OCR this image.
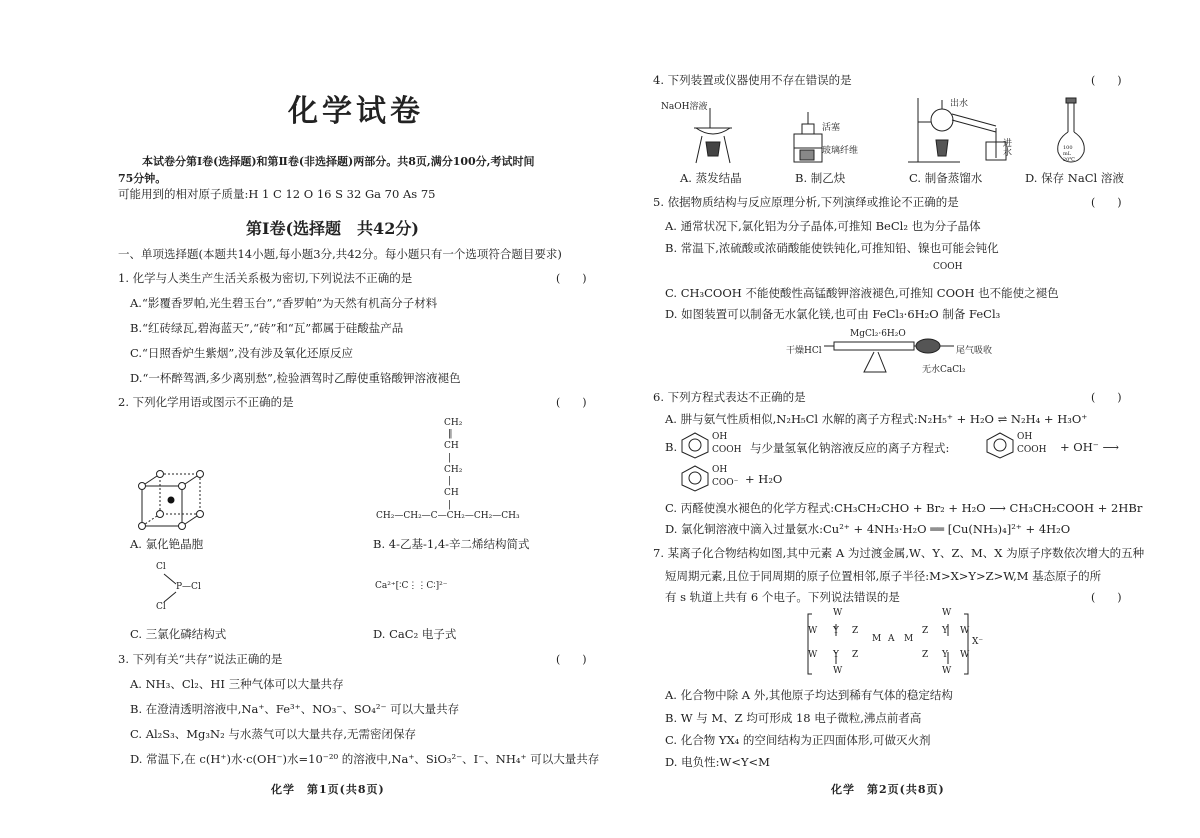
化学试卷
本试卷分第Ⅰ卷(选择题)和第Ⅱ卷(非选择题)两部分。共8页,满分100分,考试时间
75分钟。
可能用到的相对原子质量:H 1 C 12 O 16 S 32 Ga 70 As 75
第Ⅰ卷(选择题　共42分)
一、单项选择题(本题共14小题,每小题3分,共42分。每小题只有一个选项符合题目要求)
1. 化学与人类生产生活关系极为密切,下列说法不正确的是	(　　)
A.“影覆香罗帕,光生碧玉台”,“香罗帕”为天然有机高分子材料
B.“红砖绿瓦,碧海蓝天”,“砖”和“瓦”都属于硅酸盐产品
C.“日照香炉生紫烟”,没有涉及氧化还原反应
D.“一杯醉驾酒,多少离别愁”,检验酒驾时乙醇使重铬酸钾溶液褪色
2. 下列化学用语或图示不正确的是	(　　)
CH₂
‖
CH
|
CH₂
|
CH
CH₂—CH₂—C—CH₂—CH₂—CH₃
|
A. 氯化铯晶胞	B. 4-乙基-1,4-辛二烯结构简式
Cl
P—Cl
Cl
Ca²⁺[∶C⋮⋮C∶]²⁻
C. 三氯化磷结构式	D. CaC₂ 电子式
3. 下列有关“共存”说法正确的是	(　　)
A. NH₃、Cl₂、HI 三种气体可以大量共存
B. 在澄清透明溶液中,Na⁺、Fe³⁺、NO₃⁻、SO₄²⁻ 可以大量共存
C. Al₂S₃、Mg₃N₂ 与水蒸气可以大量共存,无需密闭保存
D. 常温下,在 c(H⁺)水·c(OH⁻)水=10⁻²⁰ 的溶液中,Na⁺、SiO₃²⁻、I⁻、NH₄⁺ 可以大量共存
化学　第1页(共8页)
4. 下列装置或仪器使用不存在错误的是	(　　)
NaOH溶液
A. 蒸发结晶
活塞
玻璃纤维
B. 制乙炔
出水
进水
C. 制备蒸馏水
100 mL 20℃
D. 保存 NaCl 溶液
5. 依据物质结构与反应原理分析,下列演绎或推论不正确的是	(　　)
A. 通常状况下,氯化铝为分子晶体,可推知 BeCl₂ 也为分子晶体
B. 常温下,浓硫酸或浓硝酸能使铁钝化,可推知铅、镍也可能会钝化
COOH
C. CH₃COOH 不能使酸性高锰酸钾溶液褪色,可推知 COOH 也不能使之褪色
D. 如图装置可以制备无水氯化镁,也可由 FeCl₃·6H₂O 制备 FeCl₃
MgCl₂·6H₂O
干燥HCl	尾气吸收
无水CaCl₂
6. 下列方程式表达不正确的是	(　　)
A. 肼与氨气性质相似,N₂H₅Cl 水解的离子方程式:N₂H₅⁺ + H₂O ⇌ N₂H₄ + H₃O⁺
B.
OH
COOH 与少量氢氧化钠溶液反应的离子方程式:
OH
COOH + OH⁻ ⟶
OH
COO⁻ + H₂O
C. 丙醛使溴水褪色的化学方程式:CH₃CH₂CHO + Br₂ + H₂O ⟶ CH₃CH₂COOH + 2HBr
D. 氯化铜溶液中滴入过量氨水:Cu²⁺ + 4NH₃·H₂O ══ [Cu(NH₃)₄]²⁺ + 4H₂O
7. 某离子化合物结构如图,其中元素 A 为过渡金属,W、Y、Z、M、X 为原子序数依次增大的五种
短周期元素,且位于同周期的原子位置相邻,原子半径:M>X>Y>Z>W,M 基态原子的所
有 s 轨道上共有 6 个电子。下列说法错误的是	(　　)
W
W
Y Z
M A M
Z Y
W
W
W Y Z	Z Y W
W	W
X⁻
A. 化合物中除 A 外,其他原子均达到稀有气体的稳定结构
B. W 与 M、Z 均可形成 18 电子微粒,沸点前者高
C. 化合物 YX₄ 的空间结构为正四面体形,可做灭火剂
D. 电负性:W<Y<M
化学　第2页(共8页)
